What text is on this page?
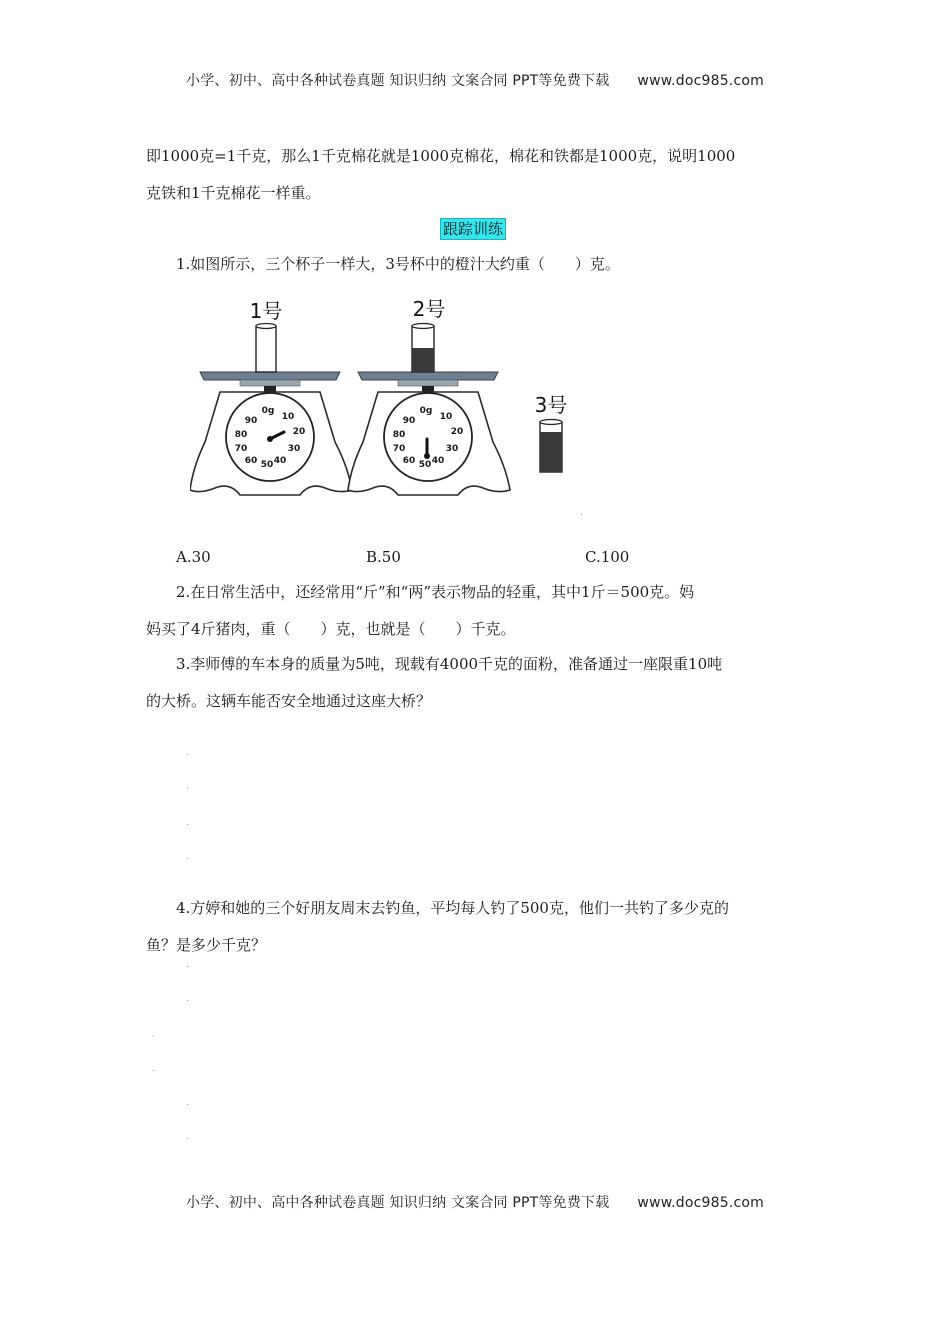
小学、初中、高中各种试卷真题 知识归纳 文案合同 PPT等免费下载 www.doc985.com
即1000克=1千克，那么1千克棉花就是1000克棉花，棉花和铁都是1000克，说明1000
克铁和1千克棉花一样重。
跟踪训练
1.如图所示，三个杯子一样大，3号杯中的橙汁大约重（　　）克。
0g
10
20
30
40
50
60
70
80
90
0g
10
20
30
40
50
60
70
80
90
1号	2号
3号
.
A.30	B.50	C.100
2.在日常生活中，还经常用“斤”和“两”表示物品的轻重，其中1斤＝500克。妈
妈买了4斤猪肉，重（　　）克，也就是（　　）千克。
3.李师傅的车本身的质量为5吨，现载有4000千克的面粉，准备通过一座限重10吨
的大桥。这辆车能否安全地通过这座大桥？
.
.
.
.
4.方婷和她的三个好朋友周末去钓鱼，平均每人钓了500克，他们一共钓了多少克的
鱼？是多少千克？
.
.
.
.
.
.
小学、初中、高中各种试卷真题 知识归纳 文案合同 PPT等免费下载 www.doc985.com
